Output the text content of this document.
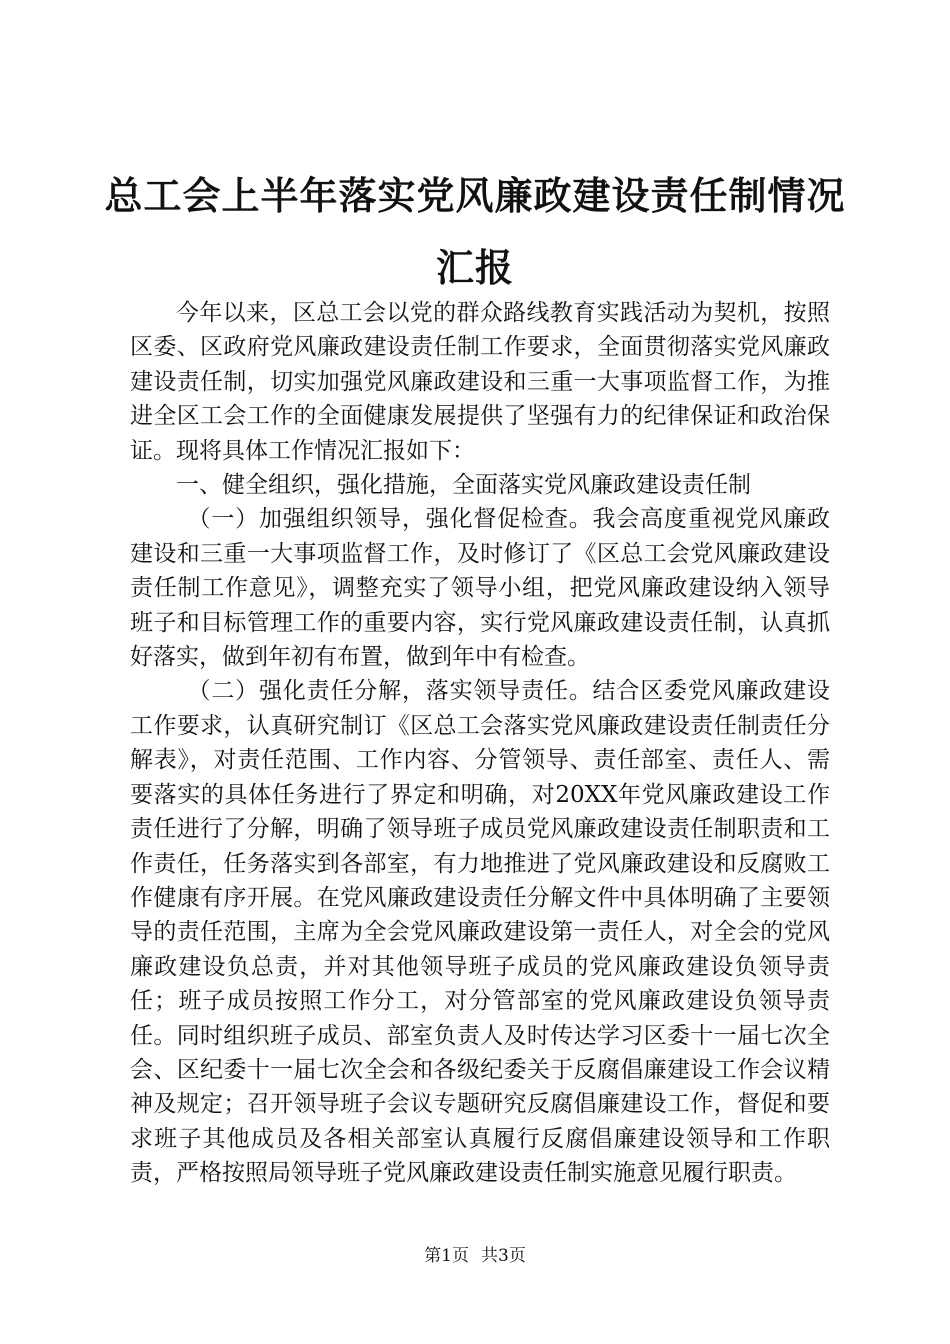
总工会上半年落实党风廉政建设责任制情况汇报

今年以来，区总工会以党的群众路线教育实践活动为契机，按照区委、区政府党风廉政建设责任制工作要求，全面贯彻落实党风廉政建设责任制，切实加强党风廉政建设和三重一大事项监督工作，为推进全区工会工作的全面健康发展提供了坚强有力的纪律保证和政治保证。现将具体工作情况汇报如下：

一、健全组织，强化措施，全面落实党风廉政建设责任制

（一）加强组织领导，强化督促检查。我会高度重视党风廉政建设和三重一大事项监督工作，及时修订了《区总工会党风廉政建设责任制工作意见》，调整充实了领导小组，把党风廉政建设纳入领导班子和目标管理工作的重要内容，实行党风廉政建设责任制，认真抓好落实，做到年初有布置，做到年中有检查。

（二）强化责任分解，落实领导责任。结合区委党风廉政建设工作要求，认真研究制订《区总工会落实党风廉政建设责任制责任分解表》，对责任范围、工作内容、分管领导、责任部室、责任人、需要落实的具体任务进行了界定和明确，对20XX年党风廉政建设工作责任进行了分解，明确了领导班子成员党风廉政建设责任制职责和工作责任，任务落实到各部室，有力地推进了党风廉政建设和反腐败工作健康有序开展。在党风廉政建设责任分解文件中具体明确了主要领导的责任范围，主席为全会党风廉政建设第一责任人，对全会的党风廉政建设负总责，并对其他领导班子成员的党风廉政建设负领导责任；班子成员按照工作分工，对分管部室的党风廉政建设负领导责任。同时组织班子成员、部室负责人及时传达学习区委十一届七次全会、区纪委十一届七次全会和各级纪委关于反腐倡廉建设工作会议精神及规定；召开领导班子会议专题研究反腐倡廉建设工作，督促和要求班子其他成员及各相关部室认真履行反腐倡廉建设领导和工作职责，严格按照局领导班子党风廉政建设责任制实施意见履行职责。

第1页 共3页
